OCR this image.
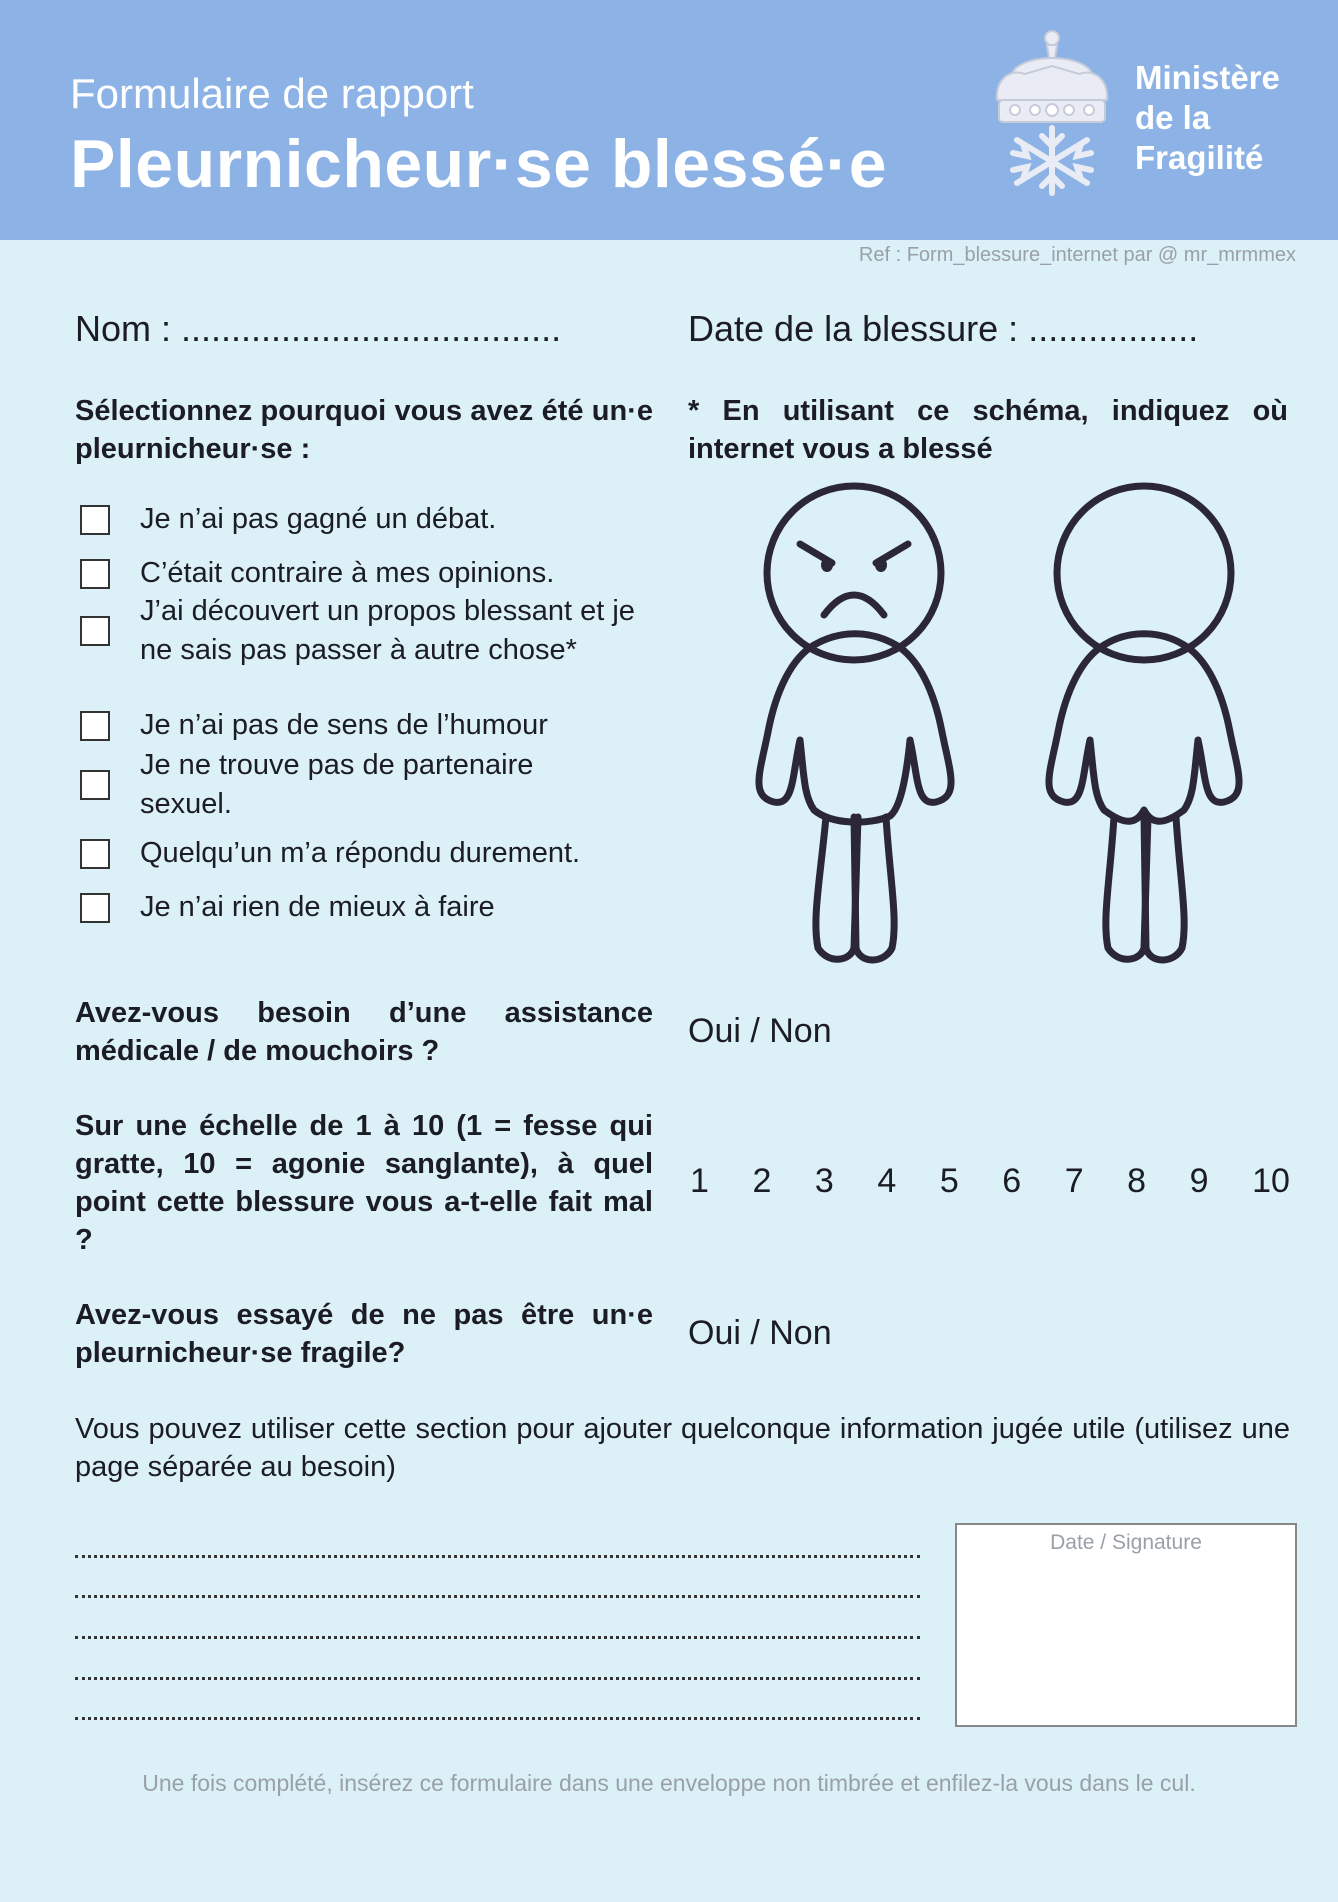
Formulaire de rapport
Pleurnicheur·se blessé·e
Ministère
de la
Fragilité
Ref : Form_blessure_internet par @ mr_mrmmex
Nom : ......................................	Date de la blessure : .................
Sélectionnez pourquoi vous avez été un·e pleurnicheur·se :
Je n’ai pas gagné un débat.
C’était contraire à mes opinions.
J’ai découvert un propos blessant et je ne sais pas passer à autre chose*
Je n’ai pas de sens de l’humour
Je ne trouve pas de partenaire sexuel.
Quelqu’un m’a répondu durement.
Je n’ai rien de mieux à faire
* En utilisant ce schéma, indiquez où internet vous a blessé
Avez-vous besoin d’une assistance médicale / de mouchoirs ?
Oui / Non
Sur une échelle de 1 à 10 (1 = fesse qui gratte, 10 = agonie sanglante), à quel point cette blessure vous a-t-elle fait mal ?
1 2 3 4 5 6 7 8 9 10
Avez-vous essayé de ne pas être un·e pleurnicheur·se fragile?
Oui / Non
Vous pouvez utiliser cette section pour ajouter quelconque information jugée utile (utilisez une page séparée au besoin)
Date / Signature
Une fois complété, insérez ce formulaire dans une enveloppe non timbrée et enfilez-la vous dans le cul.
